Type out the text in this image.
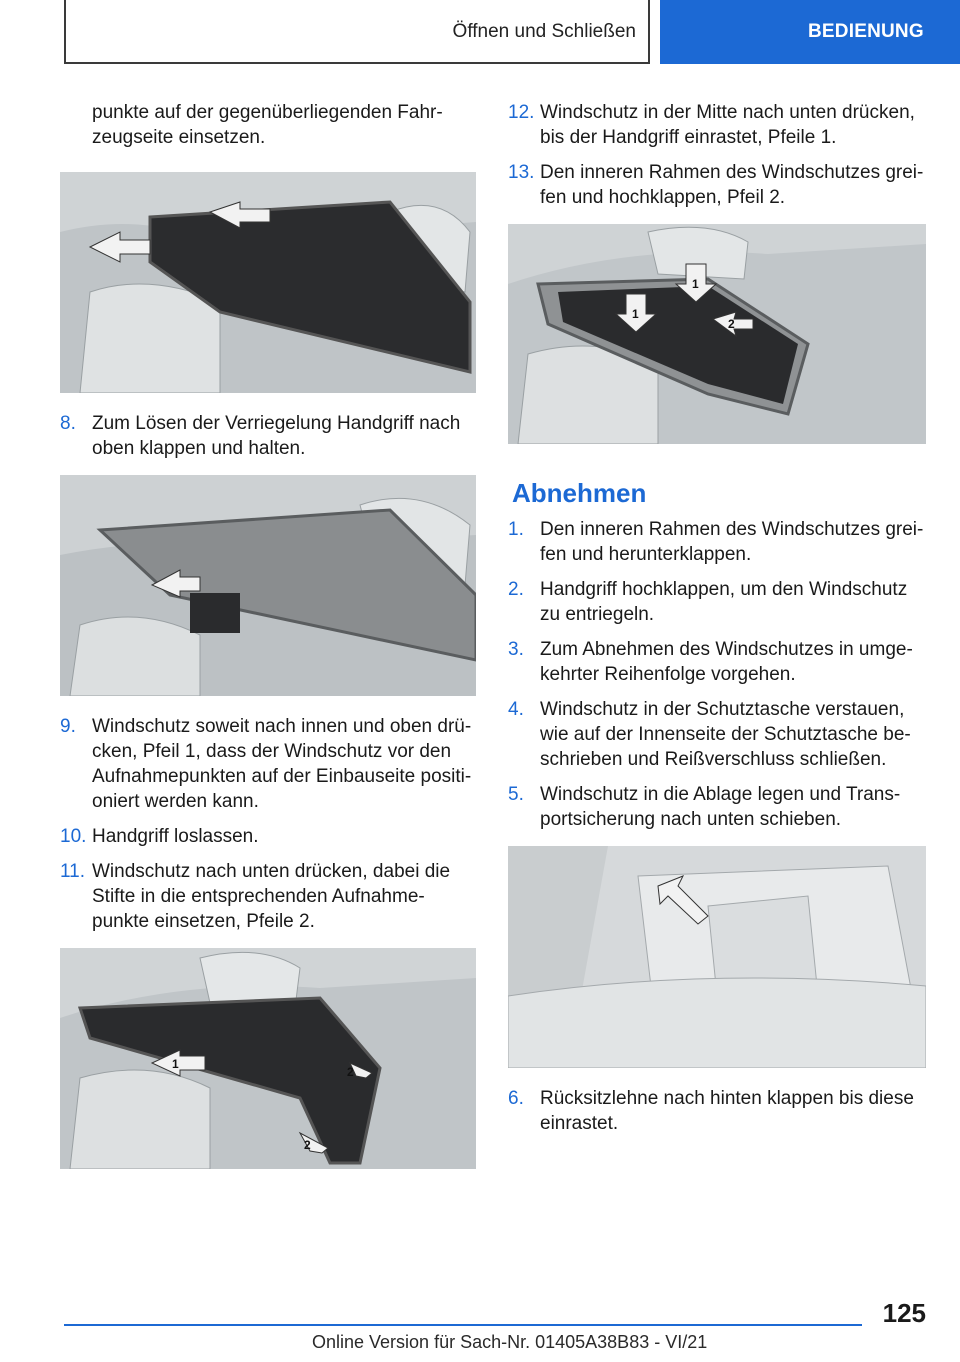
Öffnen und Schließen	BEDIENUNG

punkte auf der gegenüberliegenden Fahr-zeugseite einsetzen.

8. Zum Lösen der Verriegelung Handgriff nach oben klappen und halten.
9. Windschutz soweit nach innen und oben drü-cken, Pfeil 1, dass der Windschutz vor den Aufnahmepunkten auf der Einbauseite positi-oniert werden kann.
10. Handgriff loslassen.
11. Windschutz nach unten drücken, dabei die Stifte in die entsprechenden Aufnahme-punkte einsetzen, Pfeile 2.
1
2
2
12. Windschutz in der Mitte nach unten drücken, bis der Handgriff einrastet, Pfeile 1.
13. Den inneren Rahmen des Windschutzes grei-fen und hochklappen, Pfeil 2.
1
1
2
Abnehmen
1. Den inneren Rahmen des Windschutzes grei-fen und herunterklappen.
2. Handgriff hochklappen, um den Windschutz zu entriegeln.
3. Zum Abnehmen des Windschutzes in umge-kehrter Reihenfolge vorgehen.
4. Windschutz in der Schutztasche verstauen, wie auf der Innenseite der Schutztasche be-schrieben und Reißverschluss schließen.
5. Windschutz in die Ablage legen und Trans-portsicherung nach unten schieben.
6. Rücksitzlehne nach hinten klappen bis diese einrastet.
125
Online Version für Sach-Nr. 01405A38B83 - VI/21
